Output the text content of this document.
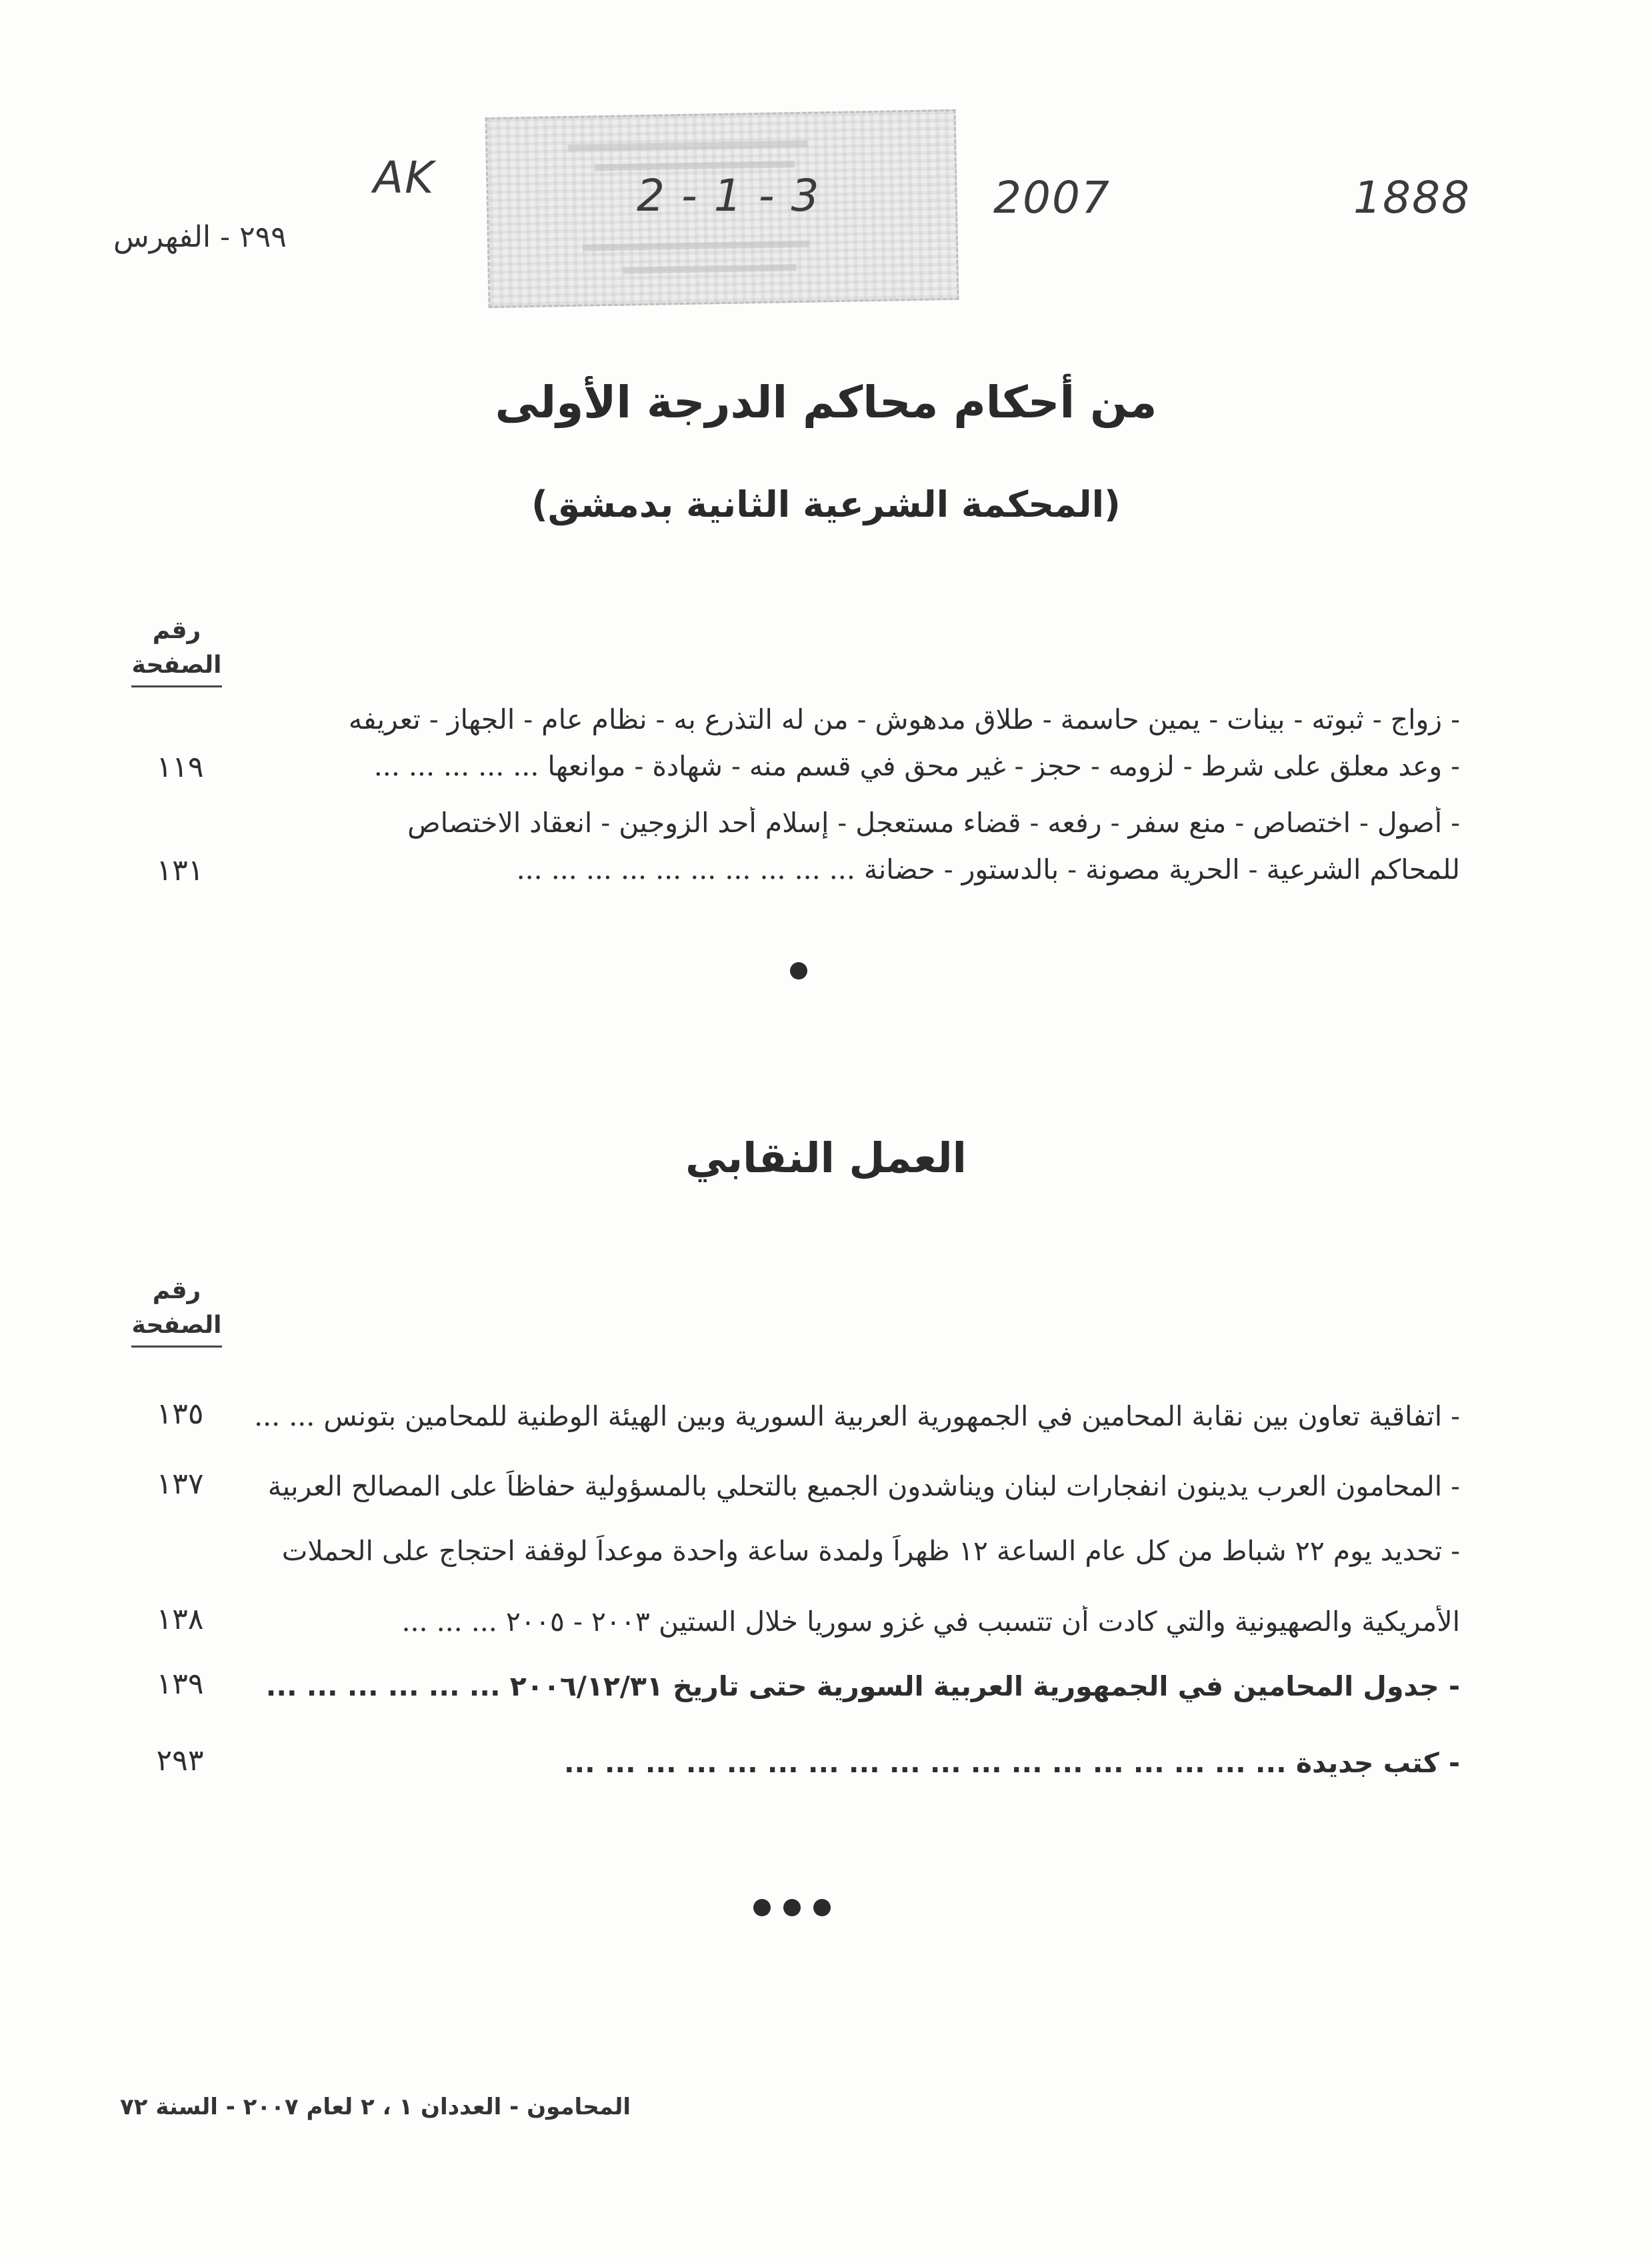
٢٩٩ - الفهرس
AK	2 - 1 - 3	2007	1888
من أحكام محاكم الدرجة الأولى
(المحكمة الشرعية الثانية بدمشق)
رقم
الصفحة
- زواج - ثبوته - بينات - يمين حاسمة - طلاق مدهوش - من له التذرع به - نظام عام - الجهاز - تعريفه
- وعد معلق على شرط - لزومه - حجز - غير محق في قسم منه - شهادة - موانعها ... ... ... ... ...
١١٩
- أصول - اختصاص - منع سفر - رفعه - قضاء مستعجل - إسلام أحد الزوجين - انعقاد الاختصاص
للمحاكم الشرعية - الحرية مصونة - بالدستور - حضانة ... ... ... ... ... ... ... ... ... ...
١٣١
العمل النقابي
رقم
الصفحة
- اتفاقية تعاون بين نقابة المحامين في الجمهورية العربية السورية وبين الهيئة الوطنية للمحامين بتونس ... ...
١٣٥
- المحامون العرب يدينون انفجارات لبنان ويناشدون الجميع بالتحلي بالمسؤولية حفاظاً على المصالح العربية
١٣٧
- تحديد يوم ٢٢ شباط من كل عام الساعة ١٢ ظهراً ولمدة ساعة واحدة موعداً لوقفة احتجاج على الحملات
الأمريكية والصهيونية والتي كادت أن تتسبب في غزو سوريا خلال الستين ٢٠٠٣ - ٢٠٠٥ ... ... ...
١٣٨
- جدول المحامين في الجمهورية العربية السورية حتى تاريخ ٢٠٠٦/١٢/٣١ ... ... ... ... ... ...
١٣٩
- كتب جديدة ... ... ... ... ... ... ... ... ... ... ... ... ... ... ... ... ... ...
٢٩٣
المحامون - العددان ١ ، ٢ لعام ٢٠٠٧ - السنة ٧٢
